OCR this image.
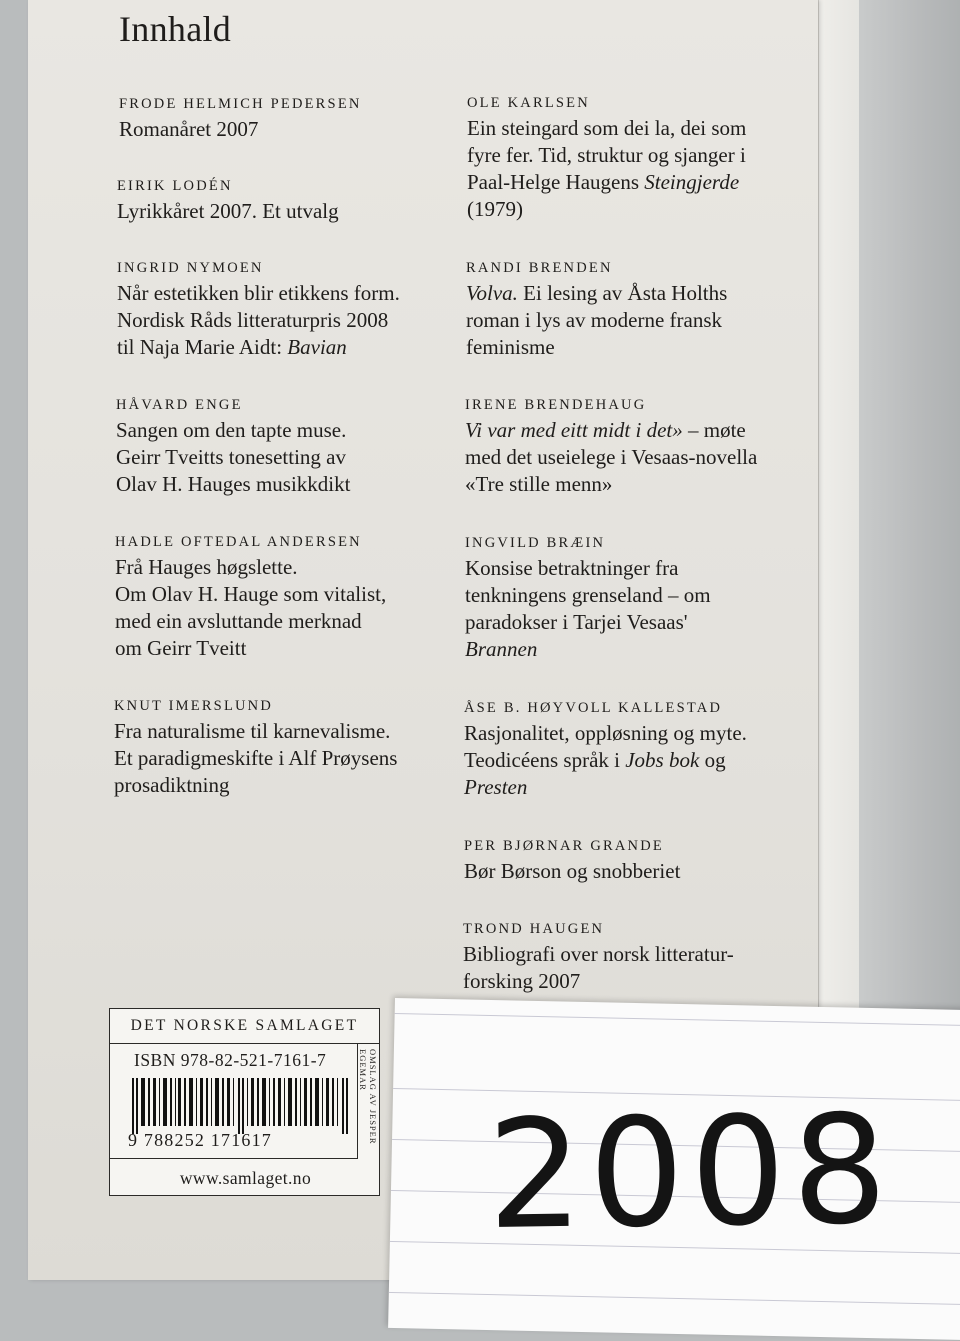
Innhald
FRODE HELMICH PEDERSEN
Romanåret 2007
EIRIK LODÉN
Lyrikkåret 2007. Et utvalg
INGRID NYMOEN
Når estetikken blir etikkens form.
Nordisk Råds litteraturpris 2008
til Naja Marie Aidt: Bavian
HÅVARD ENGE
Sangen om den tapte muse.
Geirr Tveitts tonesetting av
Olav H. Hauges musikkdikt
HADLE OFTEDAL ANDERSEN
Frå Hauges høgslette.
Om Olav H. Hauge som vitalist,
med ein avsluttande merknad
om Geirr Tveitt
KNUT IMERSLUND
Fra naturalisme til karnevalisme.
Et paradigmeskifte i Alf Prøysens
prosadiktning
OLE KARLSEN
Ein steingard som dei la, dei som
fyre fer. Tid, struktur og sjanger i
Paal-Helge Haugens Steingjerde
(1979)
RANDI BRENDEN
Volva. Ei lesing av Åsta Holths
roman i lys av moderne fransk
feminisme
IRENE BRENDEHAUG
Vi var med eitt midt i det» – møte
med det useielege i Vesaas-novella
«Tre stille menn»
INGVILD BRÆIN
Konsise betraktninger fra
tenkningens grenseland – om
paradokser i Tarjei Vesaas'
Brannen
ÅSE B. HØYVOLL KALLESTAD
Rasjonalitet, oppløsning og myte.
Teodicéens språk i Jobs bok og
Presten
PER BJØRNAR GRANDE
Bør Børson og snobberiet
TROND HAUGEN
Bibliografi over norsk litteratur-
forsking 2007
DET NORSKE SAMLAGET
ISBN 978-82-521-7161-7
9 788252 171617	OMSLAG AV JESPER EGEMAR
www.samlaget.no	2008
